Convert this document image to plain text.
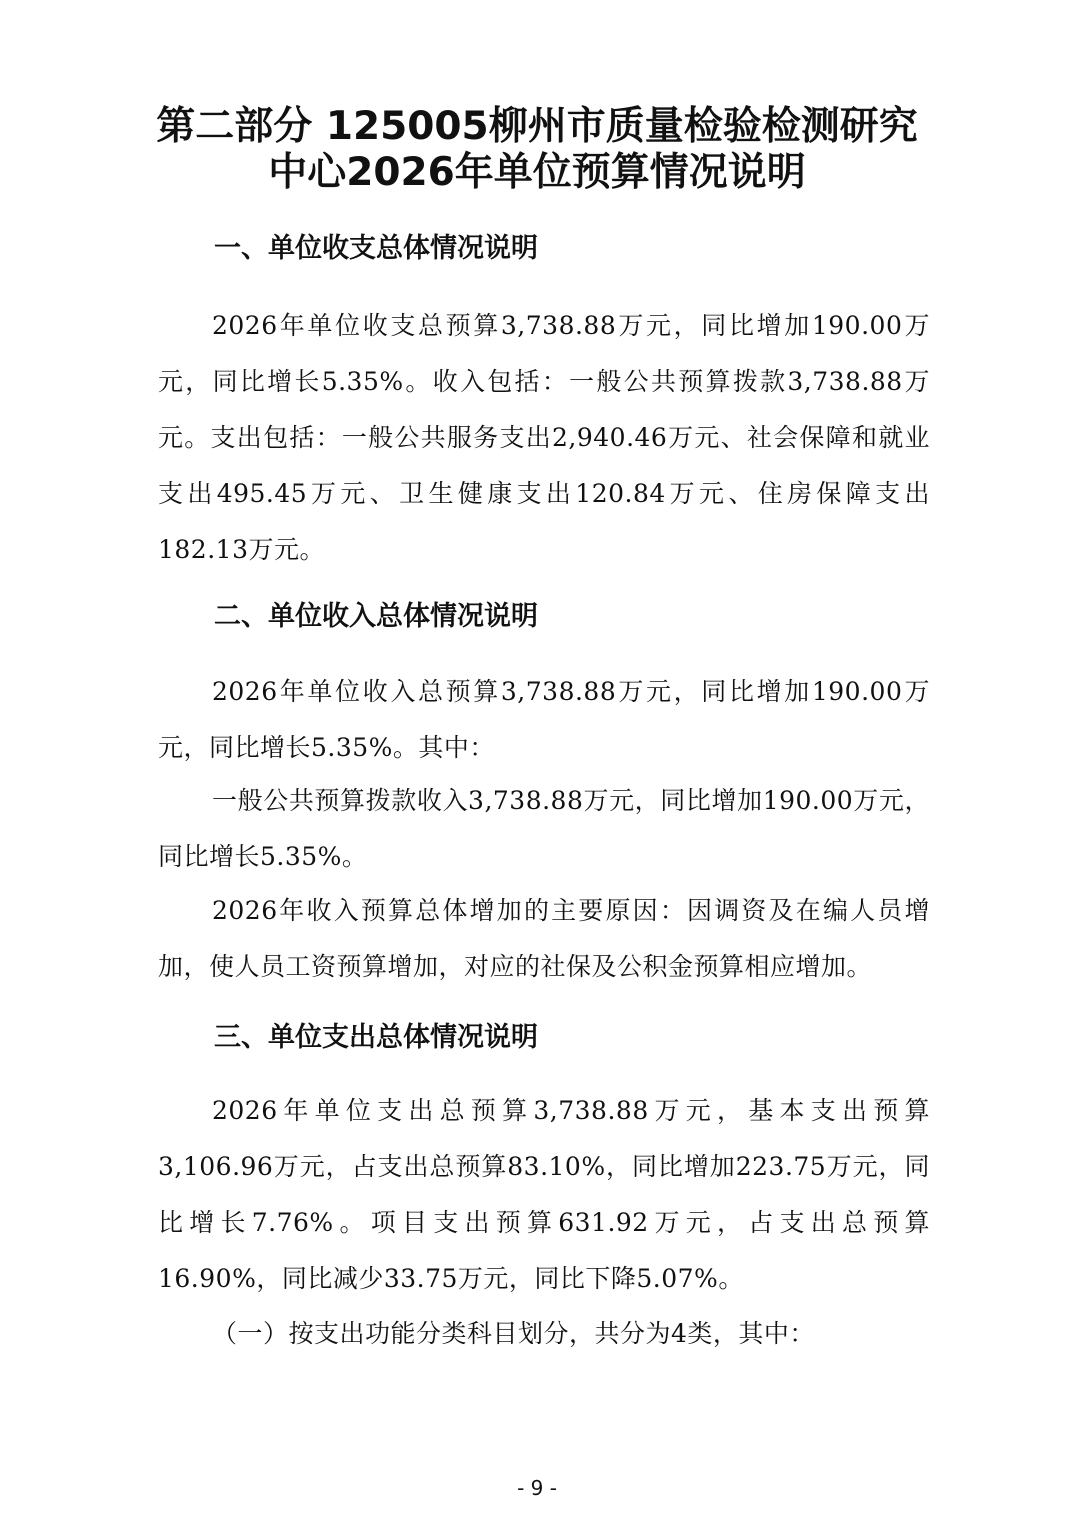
第二部分 125005柳州市质量检验检测研究
中心2026年单位预算情况说明
一、单位收支总体情况说明
2026年单位收支总预算3,738.88万元，同比增加190.00万元，同比增长5.35%。收入包括：一般公共预算拨款3,738.88万元。支出包括：一般公共服务支出2,940.46万元、社会保障和就业支出495.45万元、卫生健康支出120.84万元、住房保障支出182.13万元。
二、单位收入总体情况说明
2026年单位收入总预算3,738.88万元，同比增加190.00万元，同比增长5.35%。其中：
一般公共预算拨款收入3,738.88万元，同比增加190.00万元，同比增长5.35%。
2026年收入预算总体增加的主要原因：因调资及在编人员增加，使人员工资预算增加，对应的社保及公积金预算相应增加。
三、单位支出总体情况说明
2026年单位支出总预算3,738.88万元，基本支出预算3,106.96万元，占支出总预算83.10%，同比增加223.75万元，同比增长7.76%。项目支出预算631.92万元，占支出总预算16.90%，同比减少33.75万元，同比下降5.07%。
（一）按支出功能分类科目划分，共分为4类，其中：
- 9 -
